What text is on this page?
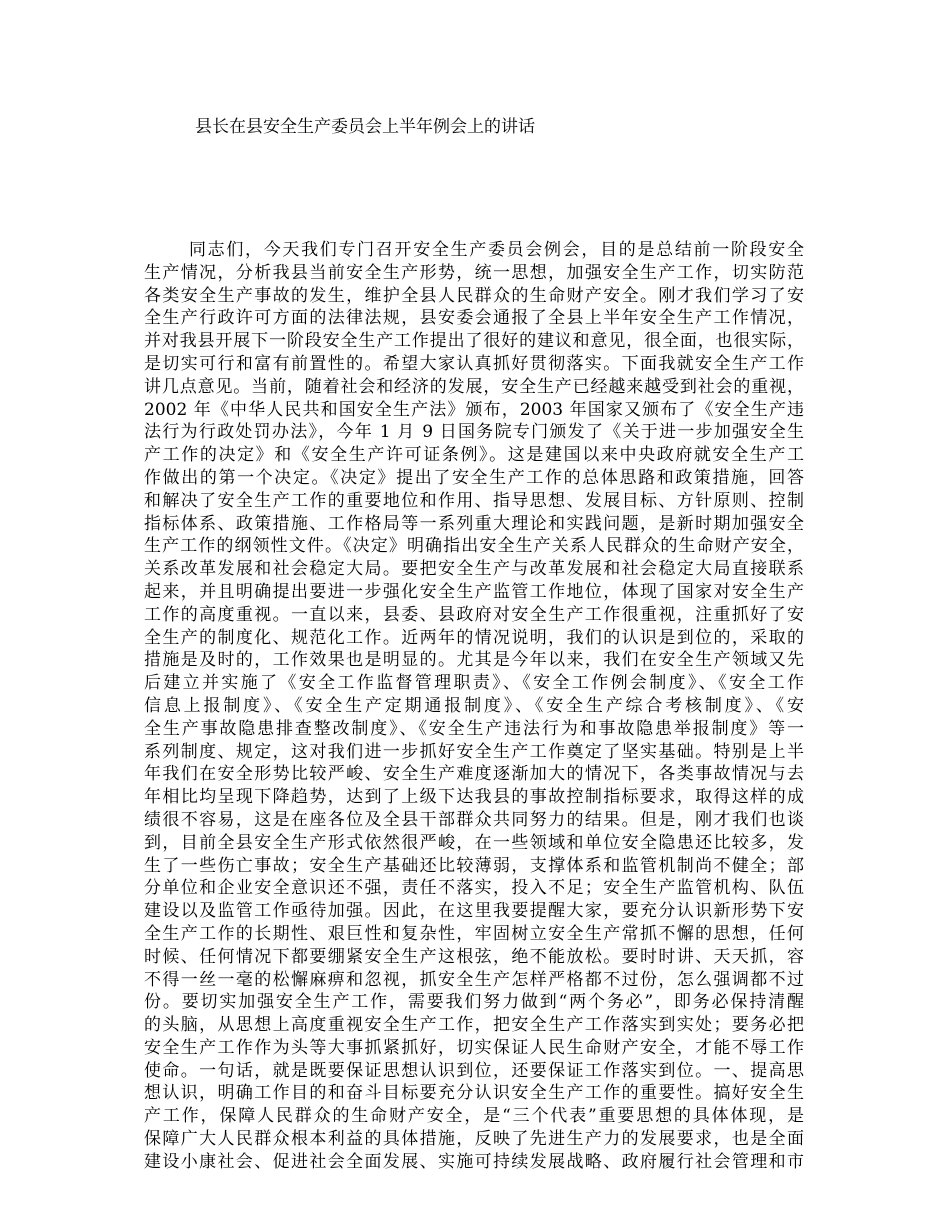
县长在县安全生产委员会上半年例会上的讲话
同志们，今天我们专门召开安全生产委员会例会，目的是总结前一阶段安全
生产情况，分析我县当前安全生产形势，统一思想，加强安全生产工作，切实防范
各类安全生产事故的发生，维护全县人民群众的生命财产安全。刚才我们学习了安
全生产行政许可方面的法律法规，县安委会通报了全县上半年安全生产工作情况，
并对我县开展下一阶段安全生产工作提出了很好的建议和意见，很全面，也很实际，
是切实可行和富有前置性的。希望大家认真抓好贯彻落实。下面我就安全生产工作
讲几点意见。当前，随着社会和经济的发展，安全生产已经越来越受到社会的重视，
2002 年《中华人民共和国安全生产法》颁布，2003 年国家又颁布了《安全生产违
法行为行政处罚办法》，今年 1 月 9 日国务院专门颁发了《关于进一步加强安全生
产工作的决定》和《安全生产许可证条例》。这是建国以来中央政府就安全生产工
作做出的第一个决定。《决定》提出了安全生产工作的总体思路和政策措施，回答
和解决了安全生产工作的重要地位和作用、指导思想、发展目标、方针原则、控制
指标体系、政策措施、工作格局等一系列重大理论和实践问题，是新时期加强安全
生产工作的纲领性文件。《决定》明确指出安全生产关系人民群众的生命财产安全，
关系改革发展和社会稳定大局。要把安全生产与改革发展和社会稳定大局直接联系
起来，并且明确提出要进一步强化安全生产监管工作地位，体现了国家对安全生产
工作的高度重视。一直以来，县委、县政府对安全生产工作很重视，注重抓好了安
全生产的制度化、规范化工作。近两年的情况说明，我们的认识是到位的，采取的
措施是及时的，工作效果也是明显的。尤其是今年以来，我们在安全生产领域又先
后建立并实施了《安全工作监督管理职责》、《安全工作例会制度》、《安全工作
信息上报制度》、《安全生产定期通报制度》、《安全生产综合考核制度》、《安
全生产事故隐患排查整改制度》、《安全生产违法行为和事故隐患举报制度》等一
系列制度、规定，这对我们进一步抓好安全生产工作奠定了坚实基础。特别是上半
年我们在安全形势比较严峻、安全生产难度逐渐加大的情况下，各类事故情况与去
年相比均呈现下降趋势，达到了上级下达我县的事故控制指标要求，取得这样的成
绩很不容易，这是在座各位及全县干部群众共同努力的结果。但是，刚才我们也谈
到，目前全县安全生产形式依然很严峻，在一些领域和单位安全隐患还比较多，发
生了一些伤亡事故；安全生产基础还比较薄弱，支撑体系和监管机制尚不健全；部
分单位和企业安全意识还不强，责任不落实，投入不足；安全生产监管机构、队伍
建设以及监管工作亟待加强。因此，在这里我要提醒大家，要充分认识新形势下安
全生产工作的长期性、艰巨性和复杂性，牢固树立安全生产常抓不懈的思想，任何
时候、任何情况下都要绷紧安全生产这根弦，绝不能放松。要时时讲、天天抓，容
不得一丝一毫的松懈麻痹和忽视，抓安全生产怎样严格都不过份，怎么强调都不过
份。要切实加强安全生产工作，需要我们努力做到“两个务必”，即务必保持清醒
的头脑，从思想上高度重视安全生产工作，把安全生产工作落实到实处；要务必把
安全生产工作作为头等大事抓紧抓好，切实保证人民生命财产安全，才能不辱工作
使命。一句话，就是既要保证思想认识到位，还要保证工作落实到位。一、提高思
想认识，明确工作目的和奋斗目标要充分认识安全生产工作的重要性。搞好安全生
产工作，保障人民群众的生命财产安全，是“三个代表”重要思想的具体体现，是
保障广大人民群众根本利益的具体措施，反映了先进生产力的发展要求，也是全面
建设小康社会、促进社会全面发展、实施可持续发展战略、政府履行社会管理和市
